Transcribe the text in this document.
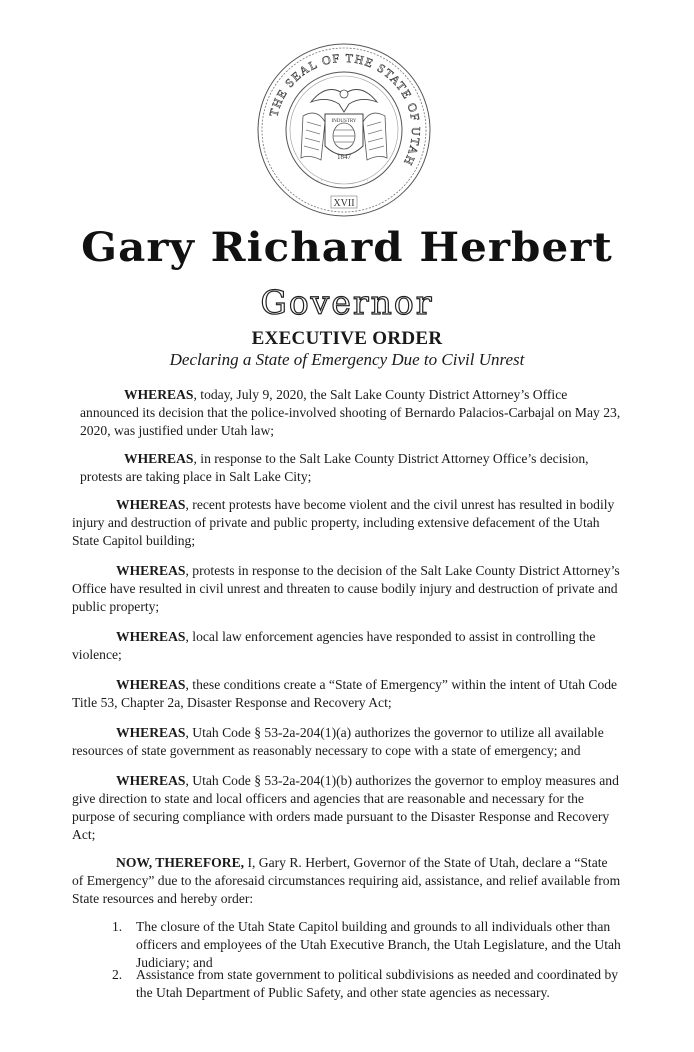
THE SEAL OF THE STATE OF UTAH
INDUSTRY
1847
· ·	· ·
XVII
Gary Richard Herbert
Governor
EXECUTIVE ORDER
Declaring a State of Emergency Due to Civil Unrest

WHEREAS, today, July 9, 2020, the Salt Lake County District Attorney’s Office announced its decision that the police-involved shooting of Bernardo Palacios-Carbajal on May 23, 2020, was justified under Utah law;

WHEREAS, in response to the Salt Lake County District Attorney Office’s decision, protests are taking place in Salt Lake City;

WHEREAS, recent protests have become violent and the civil unrest has resulted in bodily injury and destruction of private and public property, including extensive defacement of the Utah State Capitol building;

WHEREAS, protests in response to the decision of the Salt Lake County District Attorney’s Office have resulted in civil unrest and threaten to cause bodily injury and destruction of private and public property;

WHEREAS, local law enforcement agencies have responded to assist in controlling the violence;

WHEREAS, these conditions create a “State of Emergency” within the intent of Utah Code Title 53, Chapter 2a, Disaster Response and Recovery Act;

WHEREAS, Utah Code § 53-2a-204(1)(a) authorizes the governor to utilize all available resources of state government as reasonably necessary to cope with a state of emergency; and

WHEREAS, Utah Code § 53-2a-204(1)(b) authorizes the governor to employ measures and give direction to state and local officers and agencies that are reasonable and necessary for the purpose of securing compliance with orders made pursuant to the Disaster Response and Recovery Act;

NOW, THEREFORE, I, Gary R. Herbert, Governor of the State of Utah, declare a “State of Emergency” due to the aforesaid circumstances requiring aid, assistance, and relief available from State resources and hereby order:

1. The closure of the Utah State Capitol building and grounds to all individuals other than officers and employees of the Utah Executive Branch, the Utah Legislature, and the Utah Judiciary; and

2. Assistance from state government to political subdivisions as needed and coordinated by the Utah Department of Public Safety, and other state agencies as necessary.
